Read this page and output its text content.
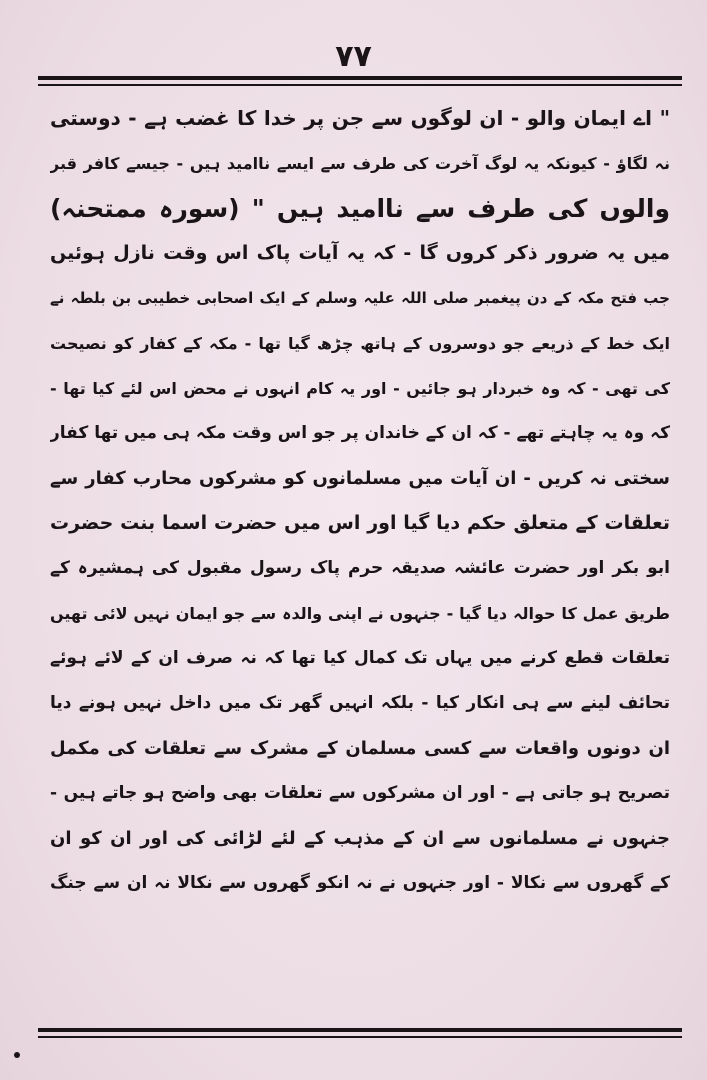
۷۷
" اے ایمان والو - ان لوگوں سے جن پر خدا کا غضب ہے - دوستی
نہ لگاؤ - کیونکہ یہ لوگ آخرت کی طرف سے ایسے ناامید ہیں - جیسے کافر قبر
والوں کی طرف سے ناامید ہیں " (سورہ ممتحنہ)
میں یہ ضرور ذکر کروں گا - کہ یہ آیات پاک اس وقت نازل ہوئیں
جب فتح مکہ کے دن پیغمبر صلی اللہ علیہ وسلم کے ایک اصحابی خطیبی بن بلطہ نے
ایک خط کے ذریعے جو دوسروں کے ہاتھ چڑھ گیا تھا - مکہ کے کفار کو نصیحت
کی تھی - کہ وہ خبردار ہو جائیں - اور یہ کام انہوں نے محض اس لئے کیا تھا -
کہ وہ یہ چاہتے تھے - کہ ان کے خاندان پر جو اس وقت مکہ ہی میں تھا کفار
سختی نہ کریں - ان آیات میں مسلمانوں کو مشرکوں محارب کفار سے
تعلقات کے متعلق حکم دیا گیا اور اس میں حضرت اسما بنت حضرت
ابو بکر اور حضرت عائشہ صدیقہ حرم پاک رسول مقبول کی ہمشیرہ کے
طریق عمل کا حوالہ دیا گیا - جنہوں نے اپنی والدہ سے جو ایمان نہیں لائی تھیں
تعلقات قطع کرنے میں یہاں تک کمال کیا تھا کہ نہ صرف ان کے لائے ہوئے
تحائف لینے سے ہی انکار کیا - بلکہ انہیں گھر تک میں داخل نہیں ہونے دیا
ان دونوں واقعات سے کسی مسلمان کے مشرک سے تعلقات کی مکمل
تصریح ہو جاتی ہے - اور ان مشرکوں سے تعلقات بھی واضح ہو جاتے ہیں -
جنہوں نے مسلمانوں سے ان کے مذہب کے لئے لڑائی کی اور ان کو ان
کے گھروں سے نکالا - اور جنہوں نے نہ انکو گھروں سے نکالا نہ ان سے جنگ
